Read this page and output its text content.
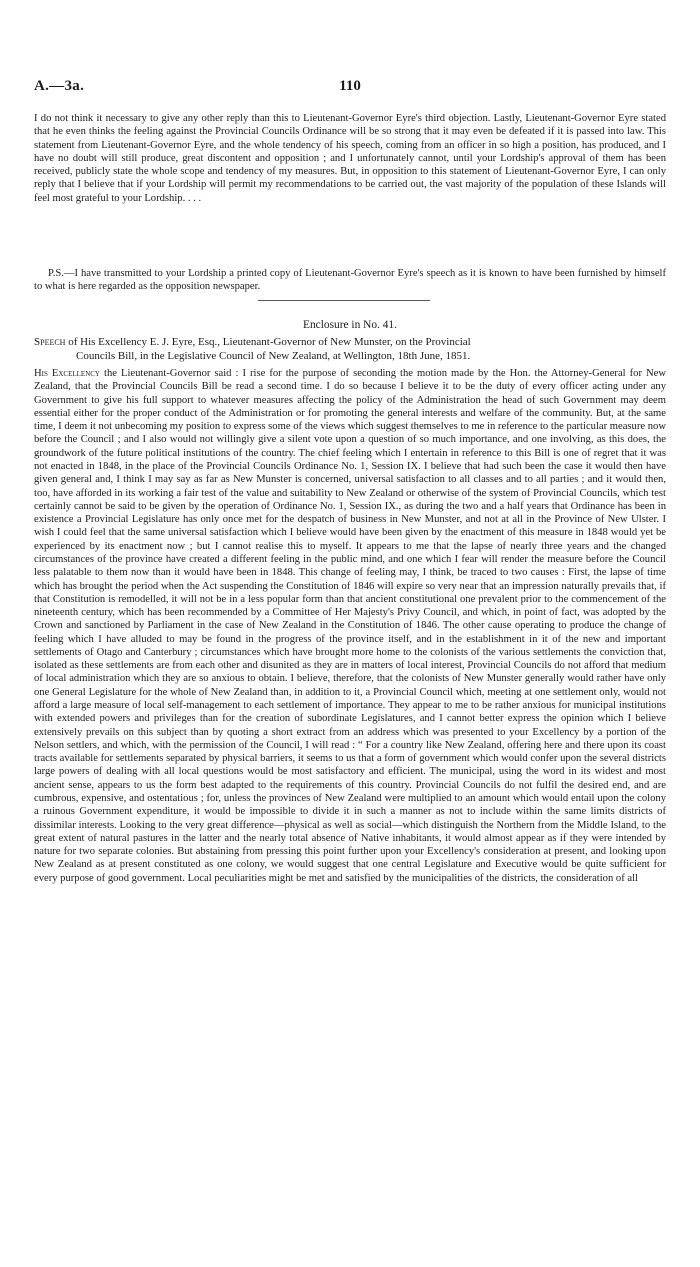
A.—3a.	110

I do not think it necessary to give any other reply than this to Lieutenant-Governor Eyre's third objection. Lastly, Lieutenant-Governor Eyre stated that he even thinks the feeling against the Provincial Councils Ordinance will be so strong that it may even be defeated if it is passed into law. This statement from Lieutenant-Governor Eyre, and the whole tendency of his speech, coming from an officer in so high a position, has produced, and I have no doubt will still produce, great discontent and opposition ; and I unfortunately cannot, until your Lordship's approval of them has been received, publicly state the whole scope and tendency of my measures. But, in opposition to this statement of Lieutenant-Governor Eyre, I can only reply that I believe that if your Lordship will permit my recommendations to be carried out, the vast majority of the population of these Islands will feel most grateful to your Lordship. . . .

P.S.—I have transmitted to your Lordship a printed copy of Lieutenant-Governor Eyre's speech as it is known to have been furnished by himself to what is here regarded as the opposition newspaper.

Enclosure in No. 41.
Speech of His Excellency E. J. Eyre, Esq., Lieutenant-Governor of New Munster, on the Provincial
Councils Bill, in the Legislative Council of New Zealand, at Wellington, 18th June, 1851.

His Excellency the Lieutenant-Governor said : I rise for the purpose of seconding the motion made by the Hon. the Attorney-General for New Zealand, that the Provincial Councils Bill be read a second time. I do so because I believe it to be the duty of every officer acting under any Government to give his full support to whatever measures affecting the policy of the Administration the head of such Government may deem essential either for the proper conduct of the Administration or for promoting the general interests and welfare of the community. But, at the same time, I deem it not unbecoming my position to express some of the views which suggest themselves to me in reference to the particular measure now before the Council ; and I also would not willingly give a silent vote upon a question of so much importance, and one involving, as this does, the groundwork of the future political institutions of the country. The chief feeling which I entertain in reference to this Bill is one of regret that it was not enacted in 1848, in the place of the Provincial Councils Ordinance No. 1, Session IX. I believe that had such been the case it would then have given general and, I think I may say as far as New Munster is concerned, universal satisfaction to all classes and to all parties ; and it would then, too, have afforded in its working a fair test of the value and suitability to New Zealand or otherwise of the system of Provincial Councils, which test certainly cannot be said to be given by the operation of Ordinance No. 1, Session IX., as during the two and a half years that Ordinance has been in existence a Provincial Legislature has only once met for the despatch of business in New Munster, and not at all in the Province of New Ulster. I wish I could feel that the same universal satisfaction which I believe would have been given by the enactment of this measure in 1848 would yet be experienced by its enactment now ; but I cannot realise this to myself. It appears to me that the lapse of nearly three years and the changed circumstances of the province have created a different feeling in the public mind, and one which I fear will render the measure before the Council less palatable to them now than it would have been in 1848. This change of feeling may, I think, be traced to two causes : First, the lapse of time which has brought the period when the Act suspending the Constitution of 1846 will expire so very near that an impression naturally prevails that, if that Constitution is remodelled, it will not be in a less popular form than that ancient constitutional one prevalent prior to the commencement of the nineteenth century, which has been recommended by a Committee of Her Majesty's Privy Council, and which, in point of fact, was adopted by the Crown and sanctioned by Parliament in the case of New Zealand in the Constitution of 1846. The other cause operating to produce the change of feeling which I have alluded to may be found in the progress of the province itself, and in the establishment in it of the new and important settlements of Otago and Canterbury ; circumstances which have brought more home to the colonists of the various settlements the conviction that, isolated as these settlements are from each other and disunited as they are in matters of local interest, Provincial Councils do not afford that medium of local administration which they are so anxious to obtain. I believe, therefore, that the colonists of New Munster generally would rather have only one General Legislature for the whole of New Zealand than, in addition to it, a Provincial Council which, meeting at one settlement only, would not afford a large measure of local self-management to each settlement of importance. They appear to me to be rather anxious for municipal institutions with extended powers and privileges than for the creation of subordinate Legislatures, and I cannot better express the opinion which I believe extensively prevails on this subject than by quoting a short extract from an address which was presented to your Excellency by a portion of the Nelson settlers, and which, with the permission of the Council, I will read : “ For a country like New Zealand, offering here and there upon its coast tracts available for settlements separated by physical barriers, it seems to us that a form of government which would confer upon the several districts large powers of dealing with all local questions would be most satisfactory and efficient. The municipal, using the word in its widest and most ancient sense, appears to us the form best adapted to the requirements of this country. Provincial Councils do not fulfil the desired end, and are cumbrous, expensive, and ostentatious ; for, unless the provinces of New Zealand were multiplied to an amount which would entail upon the colony a ruinous Government expenditure, it would be impossible to divide it in such a manner as not to include within the same limits districts of dissimilar interests. Looking to the very great difference—physical as well as social—which distinguish the Northern from the Middle Island, to the great extent of natural pastures in the latter and the nearly total absence of Native inhabitants, it would almost appear as if they were intended by nature for two separate colonies. But abstaining from pressing this point further upon your Excellency's consideration at present, and looking upon New Zealand as at present constituted as one colony, we would suggest that one central Legislature and Executive would be quite sufficient for every purpose of good government. Local peculiarities might be met and satisfied by the municipalities of the districts, the consideration of all
